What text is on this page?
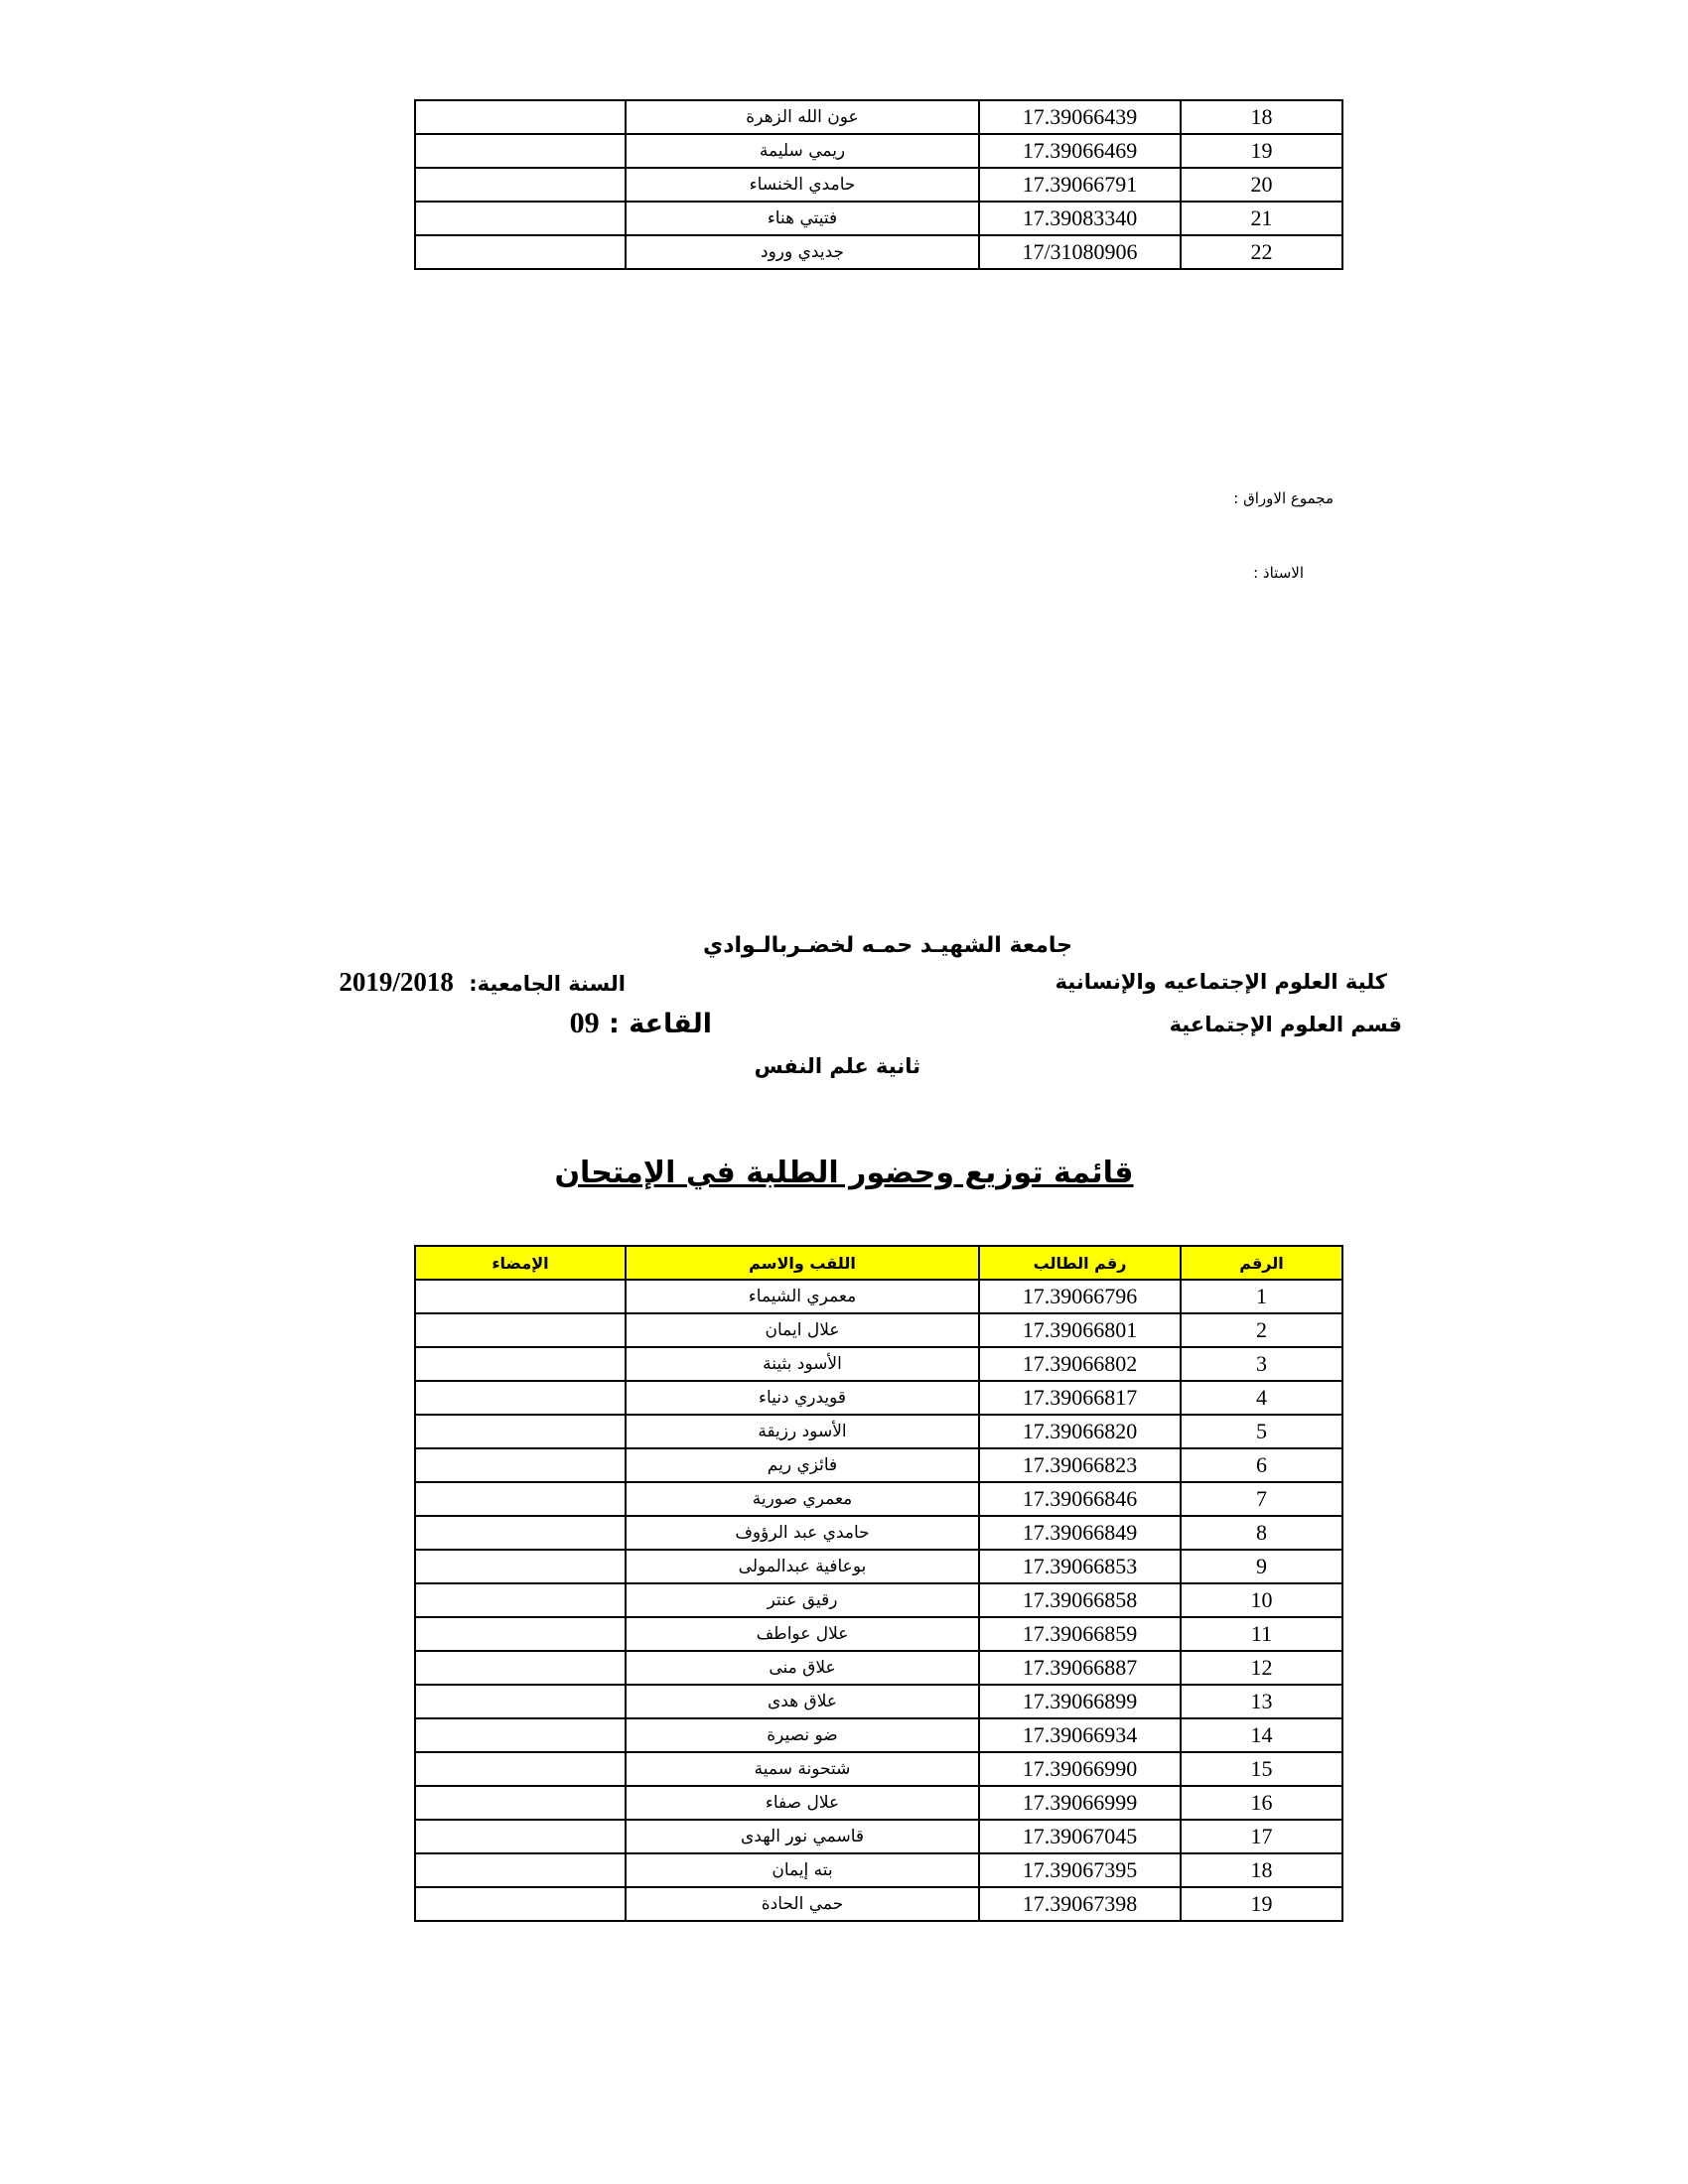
18	17.39066439	عون الله الزهرة	
19	17.39066469	ريمي سليمة	
20	17.39066791	حامدي الخنساء	
21	17.39083340	فتيتي هناء	
22	17/31080906	جديدي ورود	
مجموع الاوراق :
الاستاذ :
جامعة الشهيـد حمـه لخضـربالـوادي
كلية العلوم الإجتماعيه والإنسانية
السنة الجامعية: 2019/2018
قسم العلوم الإجتماعية
القاعة : 09
ثانية علم النفس
قائمة توزيع وحضور الطلبة في الإمتحان
الرقم	رقم الطالب	اللقب والاسم	الإمضاء
1	17.39066796	معمري الشيماء	
2	17.39066801	علال ايمان	
3	17.39066802	الأسود بثينة	
4	17.39066817	قويدري دنياء	
5	17.39066820	الأسود رزيقة	
6	17.39066823	فائزي ريم	
7	17.39066846	معمري صورية	
8	17.39066849	حامدي عبد الرؤوف	
9	17.39066853	بوعافية عبدالمولى	
10	17.39066858	رقيق عنتر	
11	17.39066859	علال عواطف	
12	17.39066887	علاق منى	
13	17.39066899	علاق هدى	
14	17.39066934	ضو نصيرة	
15	17.39066990	شتحونة سمية	
16	17.39066999	علال صفاء	
17	17.39067045	قاسمي نور الهدى	
18	17.39067395	بته إيمان	
19	17.39067398	حمي الحادة	
